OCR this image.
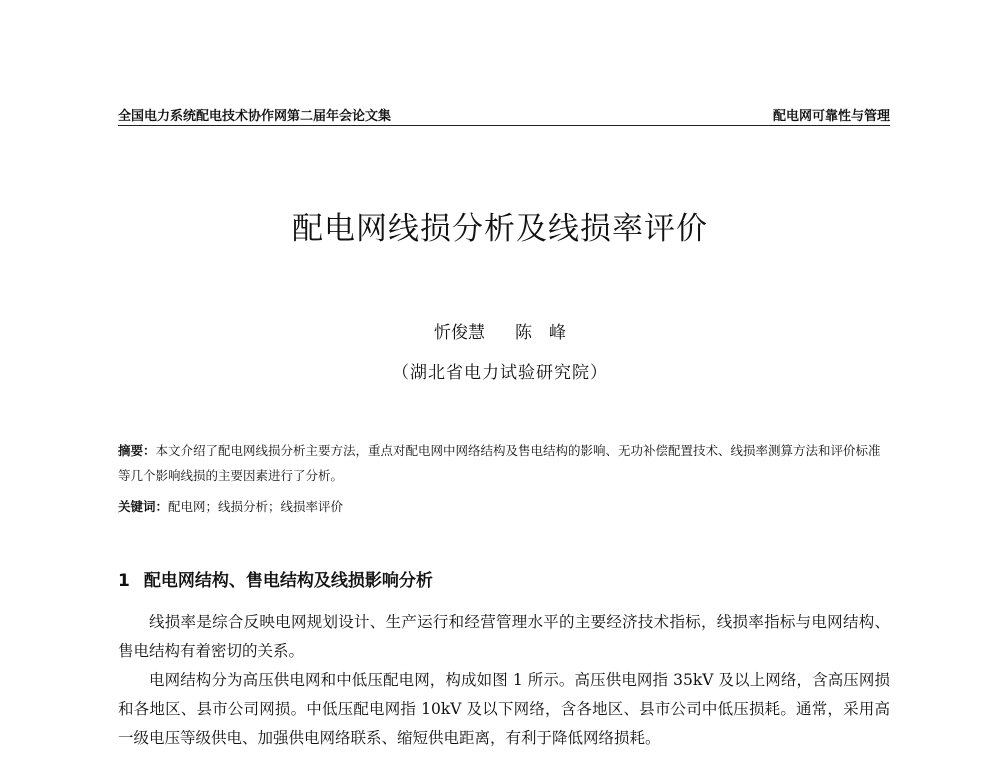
全国电力系统配电技术协作网第二届年会论文集	配电网可靠性与管理
配电网线损分析及线损率评价
忻俊慧 陈　峰
（湖北省电力试验研究院）
摘要：本文介绍了配电网线损分析主要方法，重点对配电网中网络结构及售电结构的影响、无功补偿配置技术、线损率测算方法和评价标准等几个影响线损的主要因素进行了分析。
关键词：配电网；线损分析；线损率评价
1 配电网结构、售电结构及线损影响分析

线损率是综合反映电网规划设计、生产运行和经营管理水平的主要经济技术指标，线损率指标与电网结构、售电结构有着密切的关系。

电网结构分为高压供电网和中低压配电网，构成如图 1 所示。高压供电网指 35kV 及以上网络，含高压网损和各地区、县市公司网损。中低压配电网指 10kV 及以下网络，含各地区、县市公司中低压损耗。通常，采用高一级电压等级供电、加强供电网络联系、缩短供电距离，有利于降低网络损耗。
